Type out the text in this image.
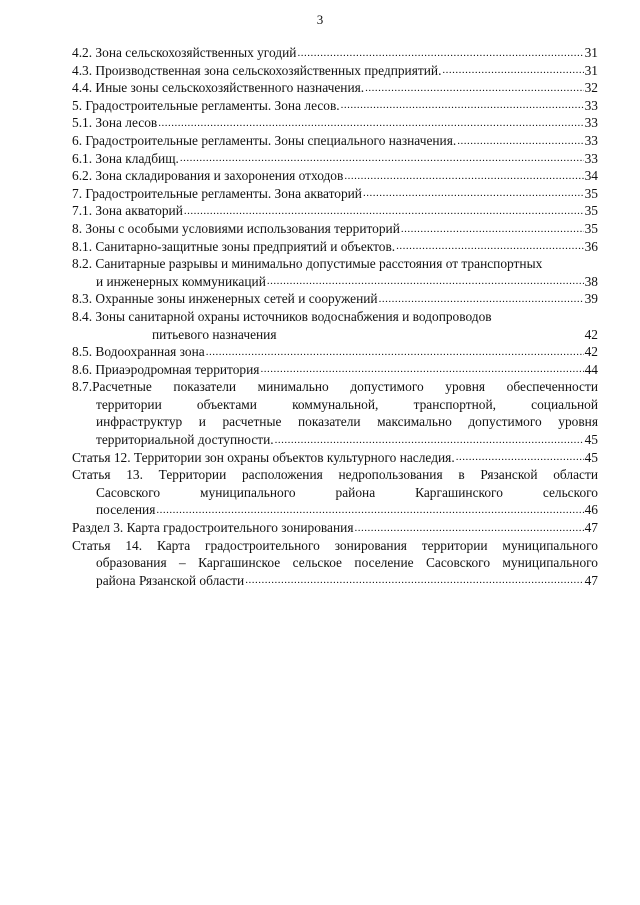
3
4.2. Зона сельскохозяйственных угодий .....	31
4.3. Производственная зона сельскохозяйственных предприятий. .....	31
4.4. Иные зоны сельскохозяйственного назначения. .....	32
5. Градостроительные регламенты. Зона лесов. .....	33
5.1. Зона лесов .....	33
6. Градостроительные регламенты. Зоны специального назначения. .....	33
6.1. Зона кладбищ. .....	33
6.2. Зона складирования и захоронения отходов .....	34
7. Градостроительные регламенты. Зона акваторий .....	35
7.1. Зона акваторий .....	35
8. Зоны с особыми условиями использования территорий .....	35
8.1. Санитарно-защитные зоны предприятий и объектов. .....	36
8.2. Санитарные разрывы и минимально допустимые расстояния от транспортных
и инженерных коммуникаций .....	38
8.3. Охранные зоны инженерных сетей и сооружений .....	39
8.4. Зоны санитарной охраны источников водоснабжения и водопроводов
питьевого назначения	42
8.5. Водоохранная зона .....	42
8.6. Приаэродромная территория .....	44
8.7.Расчетные показатели минимально допустимого уровня обеспеченности
территории объектами коммунальной, транспортной, социальной
инфраструктур и расчетные показатели максимально допустимого уровня
территориальной доступности. .....	45
Статья 12. Территории зон охраны объектов культурного наследия. .....	45
Статья 13. Территории расположения недропользования в Рязанской области
Сасовского муниципального района Каргашинского сельского
поселения .....	46
Раздел 3. Карта градостроительного зонирования .....	47
Статья 14. Карта градостроительного зонирования территории муниципального
образования – Каргашинское сельское поселение Сасовского муниципального
района Рязанской области .....	47
